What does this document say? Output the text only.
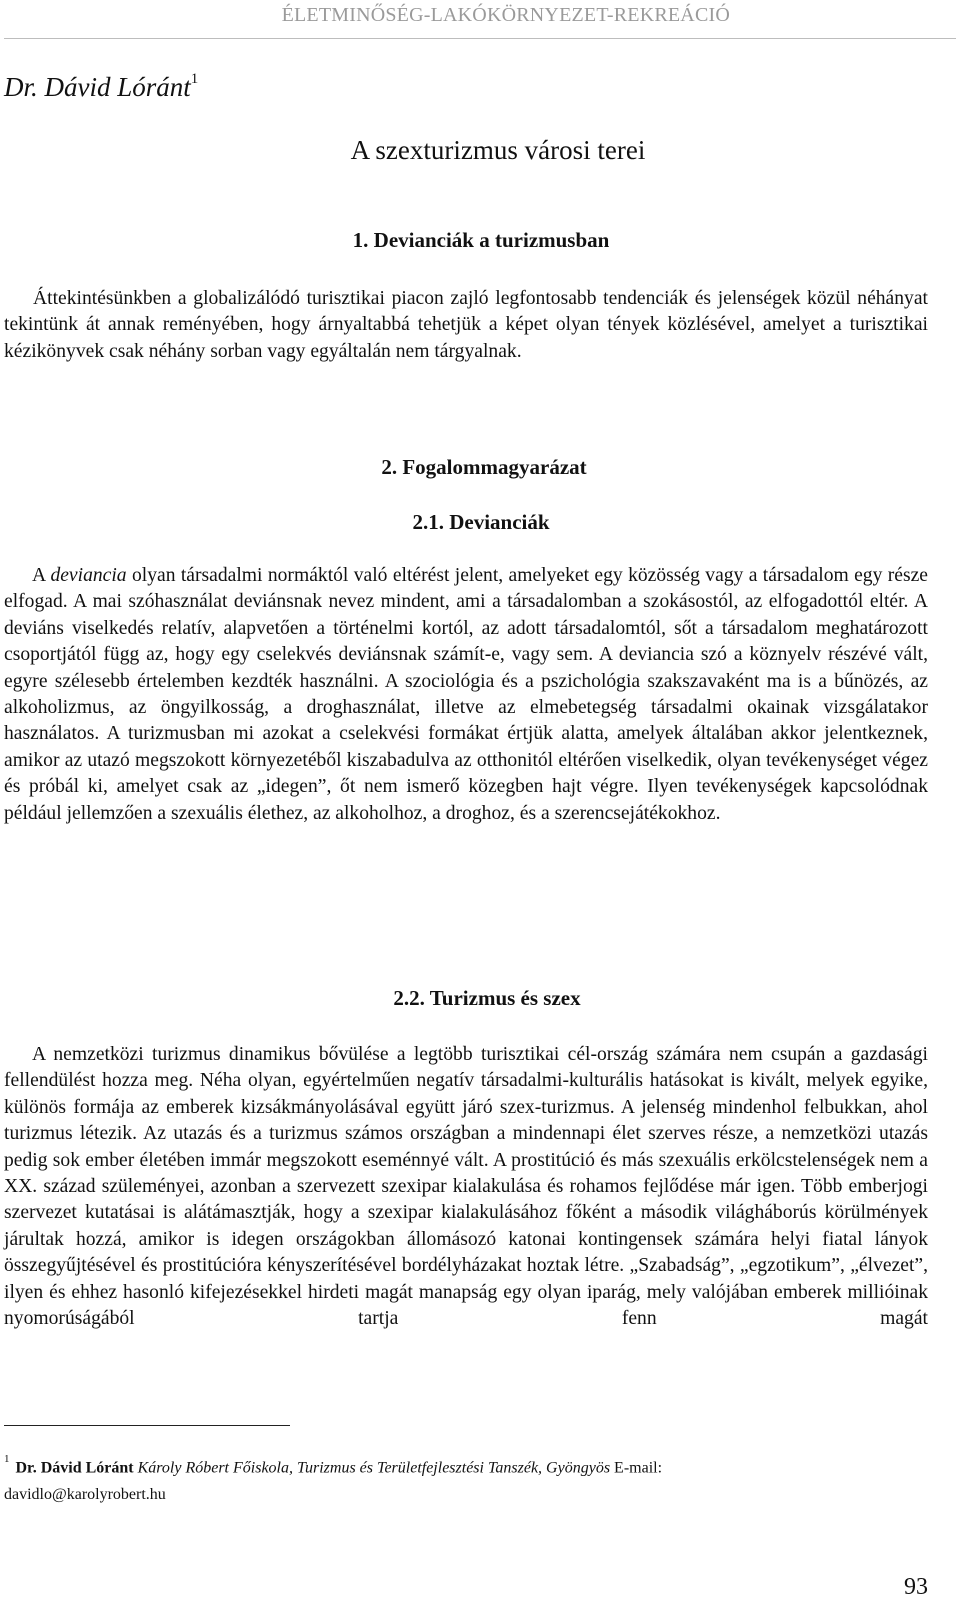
ÉLETMINŐSÉG-LAKÓKÖRNYEZET-REKREÁCIÓ
Dr. Dávid Lóránt$^1$
A szexturizmus városi terei
1. Devianciák a turizmusban

Áttekintésünkben a globalizálódó turisztikai piacon zajló legfontosabb tendenciák és jelenségek közül néhányat tekintünk át annak reményében, hogy árnyaltabbá tehetjük a képet olyan tények közlésével, amelyet a turisztikai kézikönyvek csak néhány sorban vagy egyáltalán nem tárgyalnak.

2. Fogalommagyarázat
2.1. Devianciák

A deviancia olyan társadalmi normáktól való eltérést jelent, amelyeket egy közösség vagy a társadalom egy része elfogad. A mai szóhasználat deviánsnak nevez mindent, ami a társadalomban a szokásostól, az elfogadottól eltér. A deviáns viselkedés relatív, alapvetően a történelmi kortól, az adott társadalomtól, sőt a társadalom meghatározott csoportjától függ az, hogy egy cselekvés deviánsnak számít-e, vagy sem. A deviancia szó a köznyelv részévé vált, egyre szélesebb értelemben kezdték használni. A szociológia és a pszichológia szakszavaként ma is a bűnözés, az alkoholizmus, az öngyilkosság, a droghasználat, illetve az elmebetegség társadalmi okainak vizsgálatakor használatos. A turizmusban mi azokat a cselekvési formákat értjük alatta, amelyek általában akkor jelentkeznek, amikor az utazó megszokott környezetéből kiszabadulva az otthonitól eltérően viselkedik, olyan tevékenységet végez és próbál ki, amelyet csak az „idegen”, őt nem ismerő közegben hajt végre. Ilyen tevékenységek kapcsolódnak például jellemzően a szexuális élethez, az alkoholhoz, a droghoz, és a szerencsejátékokhoz.

2.2. Turizmus és szex

A nemzetközi turizmus dinamikus bővülése a legtöbb turisztikai cél-ország számára nem csupán a gazdasági fellendülést hozza meg. Néha olyan, egyértelműen negatív társadalmi-kulturális hatásokat is kivált, melyek egyike, különös formája az emberek kizsákmányolásával együtt járó szex-turizmus. A jelenség mindenhol felbukkan, ahol turizmus létezik. Az utazás és a turizmus számos országban a mindennapi élet szerves része, a nemzetközi utazás pedig sok ember életében immár megszokott eseménnyé vált. A prostitúció és más szexuális erkölcstelenségek nem a XX. század szüleményei, azonban a szervezett szexipar kialakulása és rohamos fejlődése már igen. Több emberjogi szervezet kutatásai is alátámasztják, hogy a szexipar kialakulásához főként a második világháborús körülmények járultak hozzá, amikor is idegen országokban állomásozó katonai kontingensek számára helyi fiatal lányok összegyűjtésével és prostitúcióra kényszerítésével bordélyházakat hoztak létre. „Szabadság”, „egzotikum”, „élvezet”, ilyen és ehhez hasonló kifejezésekkel hirdeti magát manapság egy olyan iparág, mely valójában emberek millióinak nyomorúságából tartja fenn magát

$^1$Dr. Dávid Lóránt Károly Róbert Főiskola, Turizmus és Területfejlesztési Tanszék, Gyöngyös E-mail:
davidlo@karolyrobert.hu
93
